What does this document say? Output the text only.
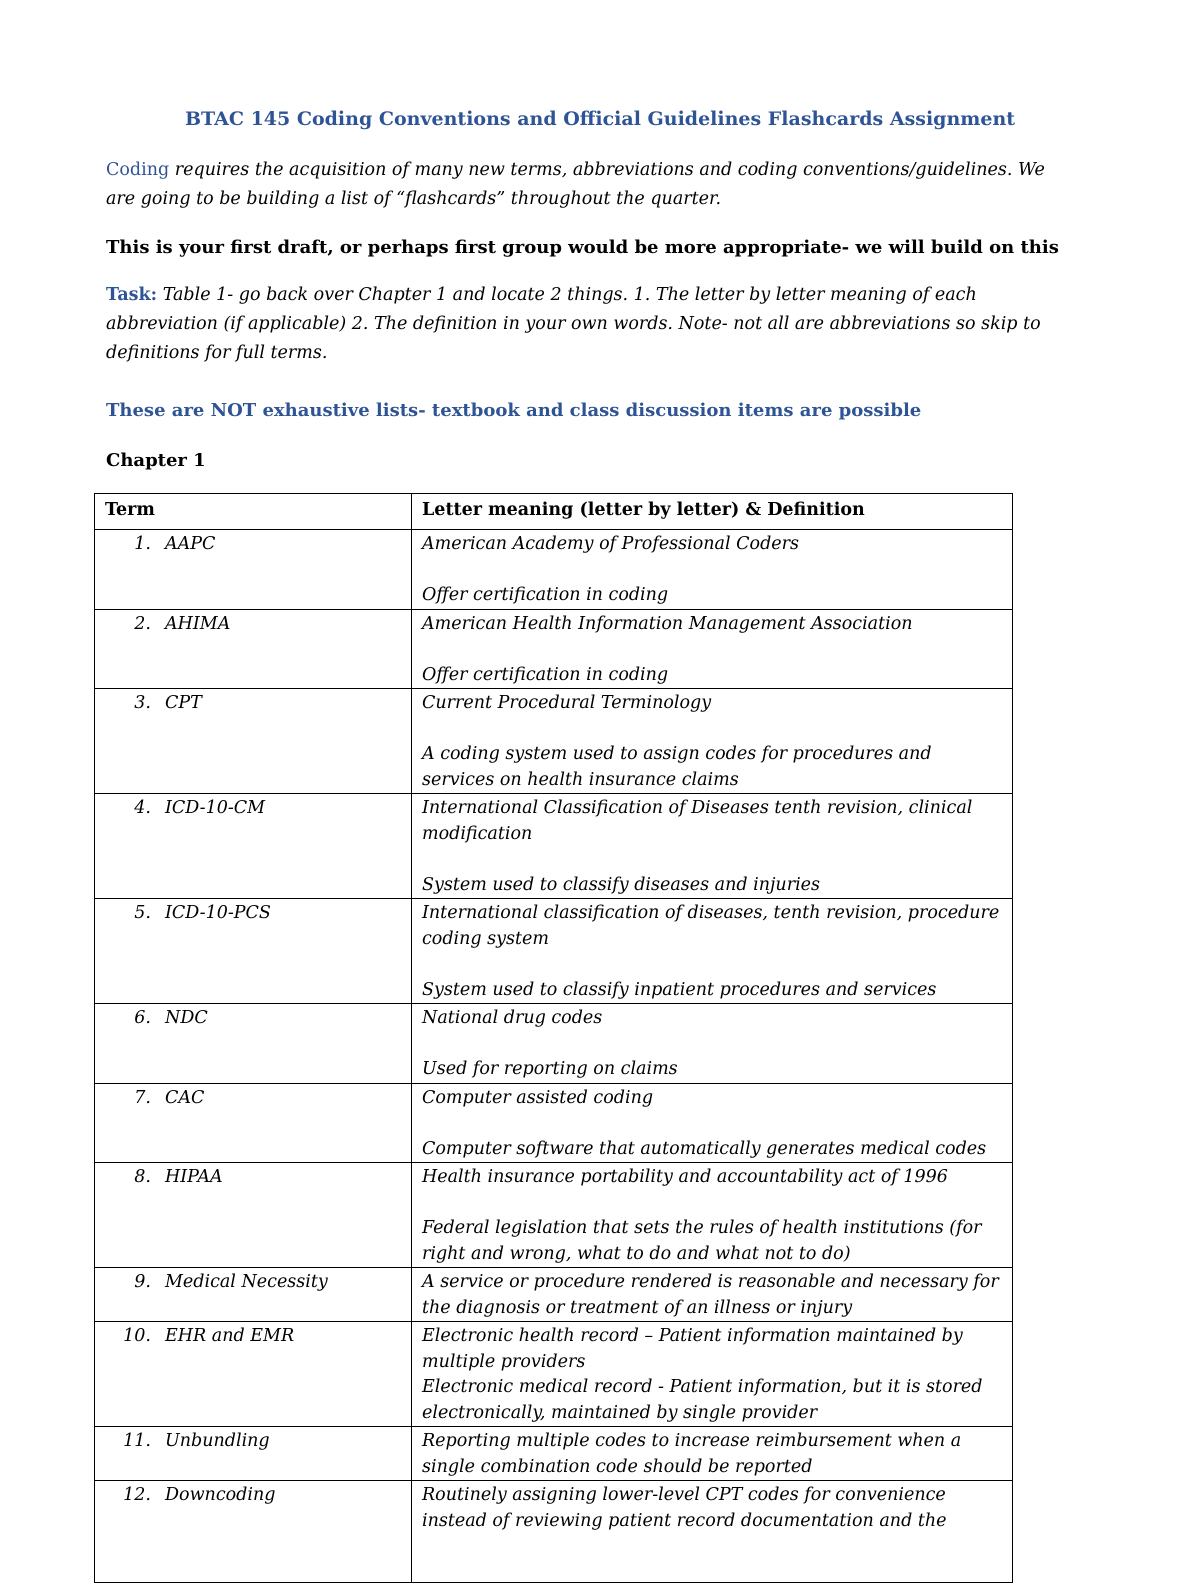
BTAC 145 Coding Conventions and Official Guidelines Flashcards Assignment
Coding requires the acquisition of many new terms, abbreviations and coding conventions/guidelines. We are going to be building a list of “flashcards” throughout the quarter.
This is your first draft, or perhaps first group would be more appropriate- we will build on this
Task: Table 1- go back over Chapter 1 and locate 2 things. 1. The letter by letter meaning of each abbreviation (if applicable) 2. The definition in your own words. Note- not all are abbreviations so skip to definitions for full terms.
These are NOT exhaustive lists- textbook and class discussion items are possible
Chapter 1
Term	Letter meaning (letter by letter) & Definition
1. AAPC	American Academy of Professional Coders
Offer certification in coding

2. AHIMA	American Health Information Management Association
Offer certification in coding

3. CPT	Current Procedural Terminology
A coding system used to assign codes for procedures and services on health insurance claims

4. ICD-10-CM	International Classification of Diseases tenth revision, clinical modification
System used to classify diseases and injuries

5. ICD-10-PCS	International classification of diseases, tenth revision, procedure coding system
System used to classify inpatient procedures and services

6. NDC	National drug codes
Used for reporting on claims

7. CAC	Computer assisted coding
Computer software that automatically generates medical codes

8. HIPAA	Health insurance portability and accountability act of 1996
Federal legislation that sets the rules of health institutions (for right and wrong, what to do and what not to do)

9. Medical Necessity	A service or procedure rendered is reasonable and necessary for the diagnosis or treatment of an illness or injury

10. EHR and EMR	Electronic health record – Patient information maintained by multiple providers
Electronic medical record - Patient information, but it is stored electronically, maintained by single provider

11. Unbundling	Reporting multiple codes to increase reimbursement when a single combination code should be reported

12. Downcoding	Routinely assigning lower-level CPT codes for convenience instead of reviewing patient record documentation and the
